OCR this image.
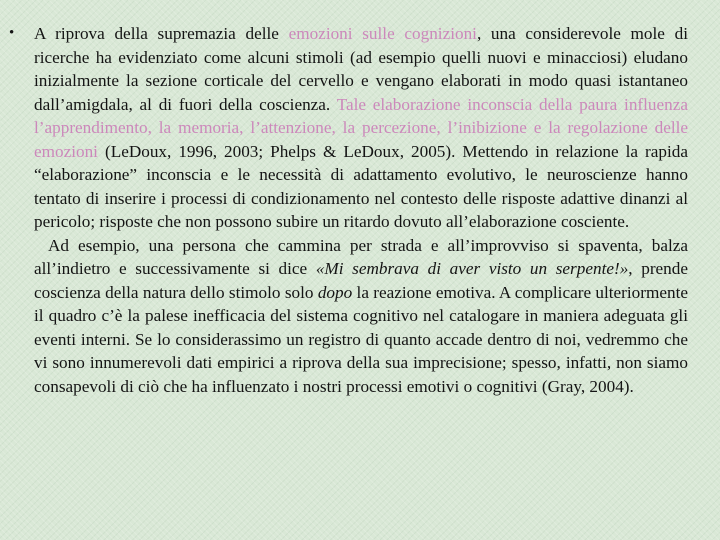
• A riprova della supremazia delle emozioni sulle cognizioni, una considerevole mole di ricerche ha evidenziato come alcuni stimoli (ad esempio quelli nuovi e minacciosi) eludano inizialmente la sezione corticale del cervello e vengano elaborati in modo quasi istantaneo dall’amigdala, al di fuori della coscienza. Tale elaborazione inconscia della paura influenza l’apprendimento, la memoria, l’attenzione, la percezione, l’inibizione e la regolazione delle emozioni (LeDoux, 1996, 2003; Phelps & LeDoux, 2005). Mettendo in relazione la rapida “elaborazione” inconscia e le necessità di adattamento evolutivo, le neuroscienze hanno tentato di inserire i processi di condizionamento nel contesto delle risposte adattive dinanzi al pericolo; risposte che non possono subire un ritardo dovuto all’elaborazione cosciente.

Ad esempio, una persona che cammina per strada e all’improvviso si spaventa, balza all’indietro e successivamente si dice «Mi sembrava di aver visto un serpente!», prende coscienza della natura dello stimolo solo dopo la reazione emotiva. A complicare ulteriormente il quadro c’è la palese inefficacia del sistema cognitivo nel catalogare in maniera adeguata gli eventi interni. Se lo considerassimo un registro di quanto accade dentro di noi, vedremmo che vi sono innumerevoli dati empirici a riprova della sua imprecisione; spesso, infatti, non siamo consapevoli di ciò che ha influenzato i nostri processi emotivi o cognitivi (Gray, 2004).
